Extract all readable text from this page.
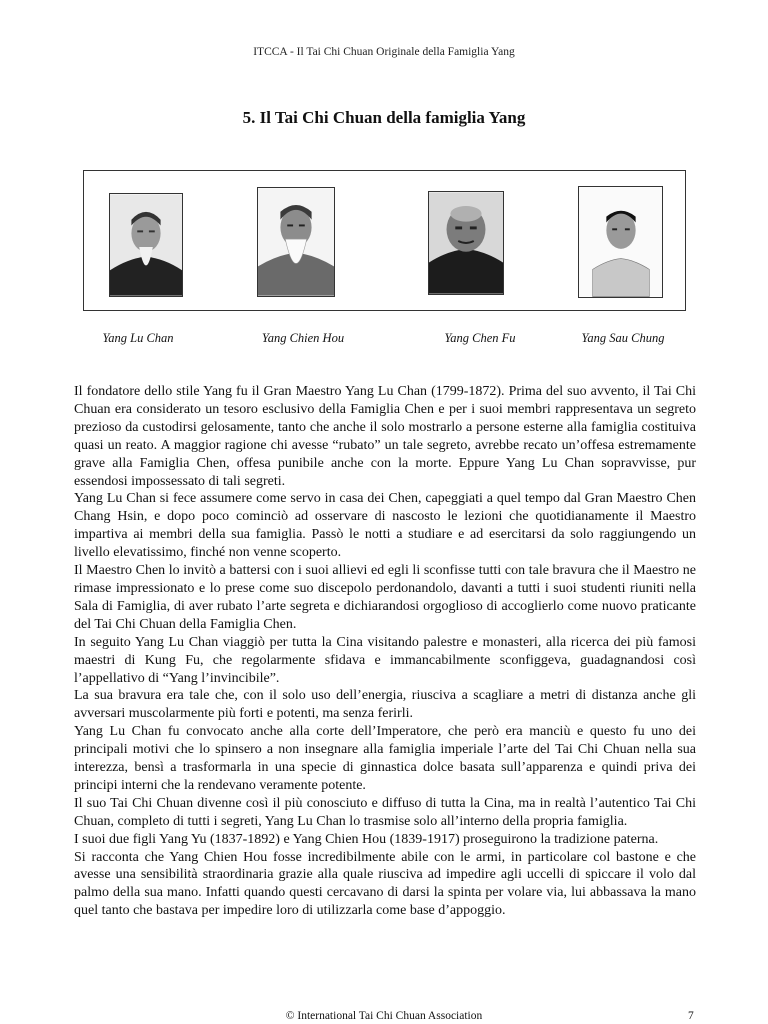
ITCCA - Il Tai Chi Chuan Originale della Famiglia Yang
5. Il Tai Chi Chuan della famiglia Yang
Yang Lu Chan	Yang Chien Hou	Yang Chen Fu	Yang Sau Chung

Il fondatore dello stile Yang fu il Gran Maestro Yang Lu Chan (1799-1872). Prima del suo avvento, il Tai Chi Chuan era considerato un tesoro esclusivo della Famiglia Chen e per i suoi membri rappresentava un segreto prezioso da custodirsi gelosamente, tanto che anche il solo mostrarlo a persone esterne alla famiglia costituiva quasi un reato. A maggior ragione chi avesse “rubato” un tale segreto, avrebbe recato un’offesa estremamente grave alla Famiglia Chen, offesa punibile anche con la morte. Eppure Yang Lu Chan sopravvisse, pur essendosi impossessato di tali segreti.

Yang Lu Chan si fece assumere come servo in casa dei Chen, capeggiati a quel tempo dal Gran Maestro Chen Chang Hsin, e dopo poco cominciò ad osservare di nascosto le lezioni che quotidianamente il Maestro impartiva ai membri della sua famiglia. Passò le notti a studiare e ad esercitarsi da solo raggiungendo un livello elevatissimo, finché non venne scoperto.

Il Maestro Chen lo invitò a battersi con i suoi allievi ed egli li sconfisse tutti con tale bravura che il Maestro ne rimase impressionato e lo prese come suo discepolo perdonandolo, davanti a tutti i suoi studenti riuniti nella Sala di Famiglia, di aver rubato l’arte segreta e dichiarandosi orgoglioso di accoglierlo come nuovo praticante del Tai Chi Chuan della Famiglia Chen.

In seguito Yang Lu Chan viaggiò per tutta la Cina visitando palestre e monasteri, alla ricerca dei più famosi maestri di Kung Fu, che regolarmente sfidava e immancabilmente sconfiggeva, guadagnandosi così l’appellativo di “Yang l’invincibile”.

La sua bravura era tale che, con il solo uso dell’energia, riusciva a scagliare a metri di distanza anche gli avversari muscolarmente più forti e potenti, ma senza ferirli.

Yang Lu Chan fu convocato anche alla corte dell’Imperatore, che però era manciù e questo fu uno dei principali motivi che lo spinsero a non insegnare alla famiglia imperiale l’arte del Tai Chi Chuan nella sua interezza, bensì a trasformarla in una specie di ginnastica dolce basata sull’apparenza e quindi priva dei principi interni che la rendevano veramente potente.

Il suo Tai Chi Chuan divenne così il più conosciuto e diffuso di tutta la Cina, ma in realtà l’autentico Tai Chi Chuan, completo di tutti i segreti, Yang Lu Chan lo trasmise solo all’interno della propria famiglia.

I suoi due figli Yang Yu (1837-1892) e Yang Chien Hou (1839-1917) proseguirono la tradizione paterna.

Si racconta che Yang Chien Hou fosse incredibilmente abile con le armi, in particolare col bastone e che avesse una sensibilità straordinaria grazie alla quale riusciva ad impedire agli uccelli di spiccare il volo dal palmo della sua mano. Infatti quando questi cercavano di darsi la spinta per volare via, lui abbassava la mano quel tanto che bastava per impedire loro di utilizzarla come base d’appoggio.

© International Tai Chi Chuan Association	7
